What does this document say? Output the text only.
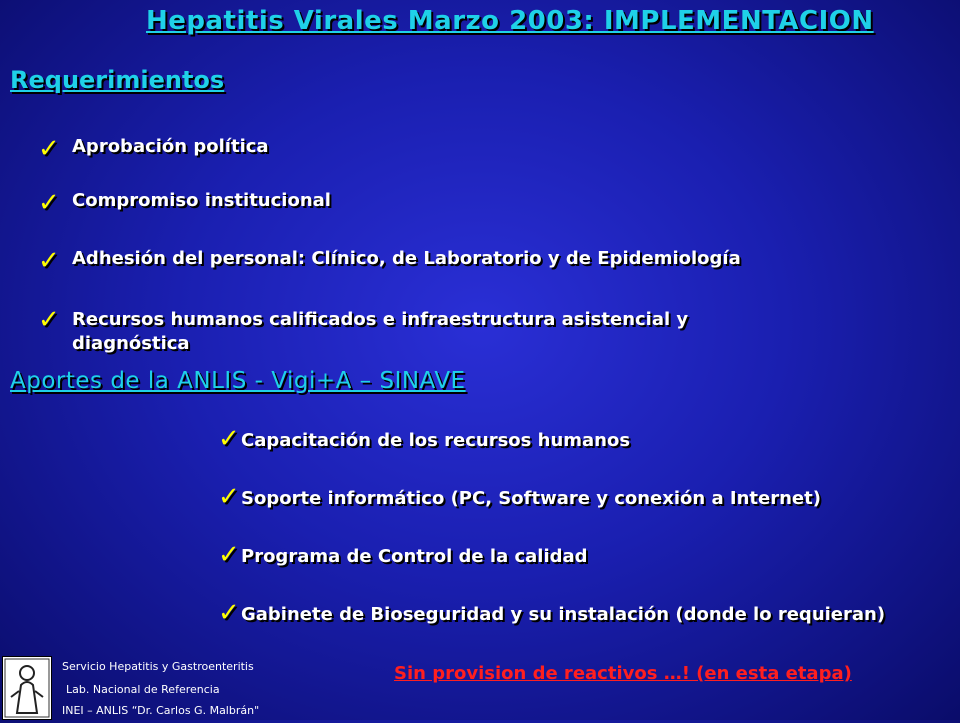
Hepatitis Virales Marzo 2003: IMPLEMENTACION
Requerimientos
✓ Aprobación política
✓ Compromiso institucional
✓ Adhesión del personal: Clínico, de Laboratorio y de Epidemiología
✓ Recursos humanos calificados e infraestructura asistencial y
diagnóstica
Aportes de la ANLIS - Vigi+A – SINAVE
✓ Capacitación de los recursos humanos
✓ Soporte informático (PC, Software y conexión a Internet)
✓ Programa de Control de la calidad
✓ Gabinete de Bioseguridad y su instalación (donde lo requieran)
Sin provision de reactivos …! (en esta etapa)
Servicio Hepatitis y Gastroenteritis
Lab. Nacional de Referencia
INEI – ANLIS “Dr. Carlos G. Malbrán"
